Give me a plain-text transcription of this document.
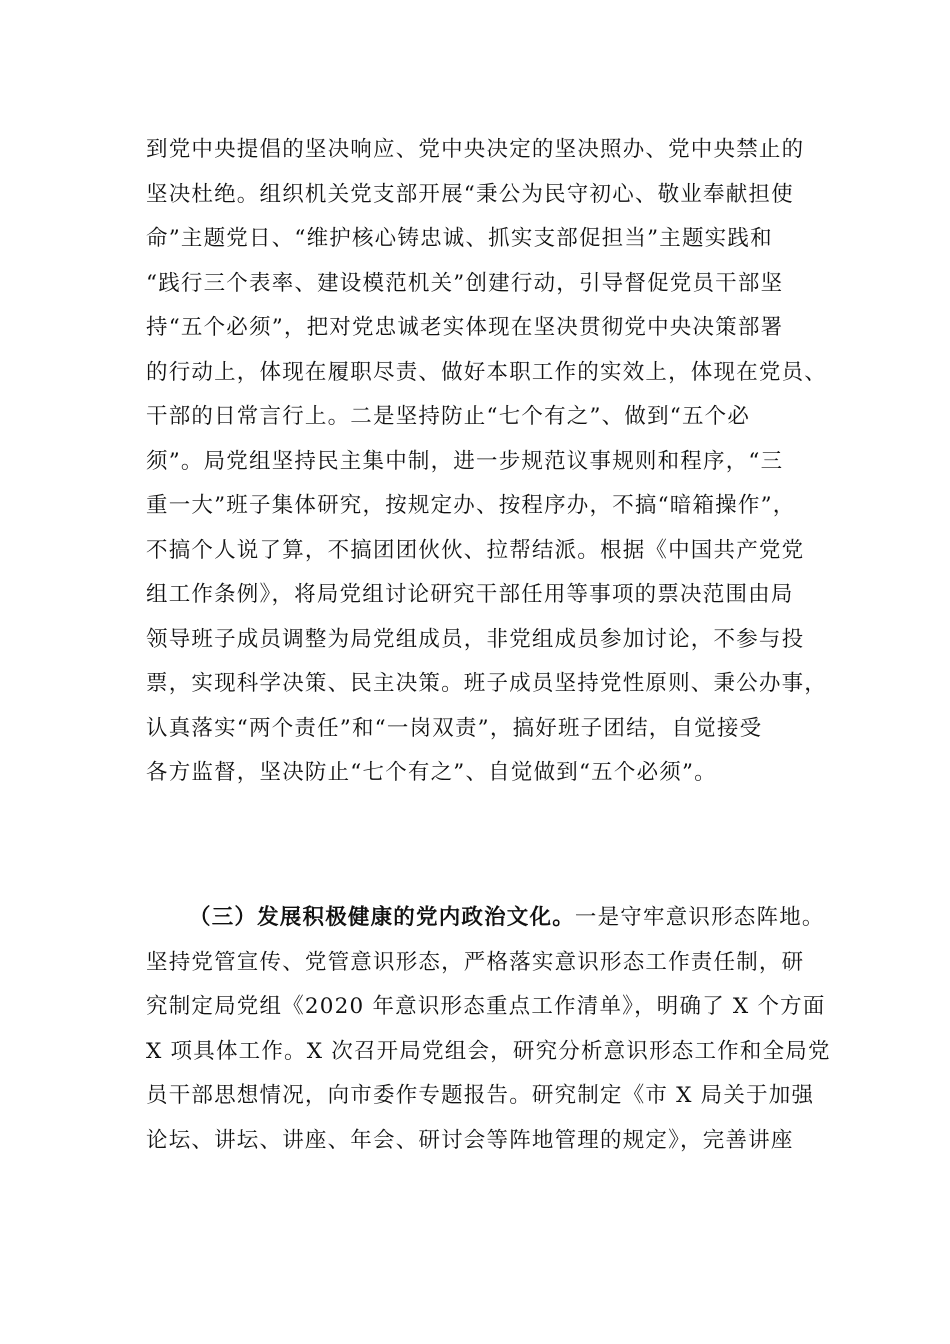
到党中央提倡的坚决响应、党中央决定的坚决照办、党中央禁止的
坚决杜绝。组织机关党支部开展“秉公为民守初心、敬业奉献担使
命”主题党日、“维护核心铸忠诚、抓实支部促担当”主题实践和
“践行三个表率、建设模范机关”创建行动，引导督促党员干部坚
持“五个必须”，把对党忠诚老实体现在坚决贯彻党中央决策部署
的行动上，体现在履职尽责、做好本职工作的实效上，体现在党员、
干部的日常言行上。二是坚持防止“七个有之”、做到“五个必
须”。局党组坚持民主集中制，进一步规范议事规则和程序，“三
重一大”班子集体研究，按规定办、按程序办，不搞“暗箱操作”，
不搞个人说了算，不搞团团伙伙、拉帮结派。根据《中国共产党党
组工作条例》，将局党组讨论研究干部任用等事项的票决范围由局
领导班子成员调整为局党组成员，非党组成员参加讨论，不参与投
票，实现科学决策、民主决策。班子成员坚持党性原则、秉公办事，
认真落实“两个责任”和“一岗双责”，搞好班子团结，自觉接受
各方监督，坚决防止“七个有之”、自觉做到“五个必须”。
（三）发展积极健康的党内政治文化。一是守牢意识形态阵地。
坚持党管宣传、党管意识形态，严格落实意识形态工作责任制，研
究制定局党组《2020 年意识形态重点工作清单》，明确了 X 个方面
X 项具体工作。X 次召开局党组会，研究分析意识形态工作和全局党
员干部思想情况，向市委作专题报告。研究制定《市 X 局关于加强
论坛、讲坛、讲座、年会、研讨会等阵地管理的规定》，完善讲座
